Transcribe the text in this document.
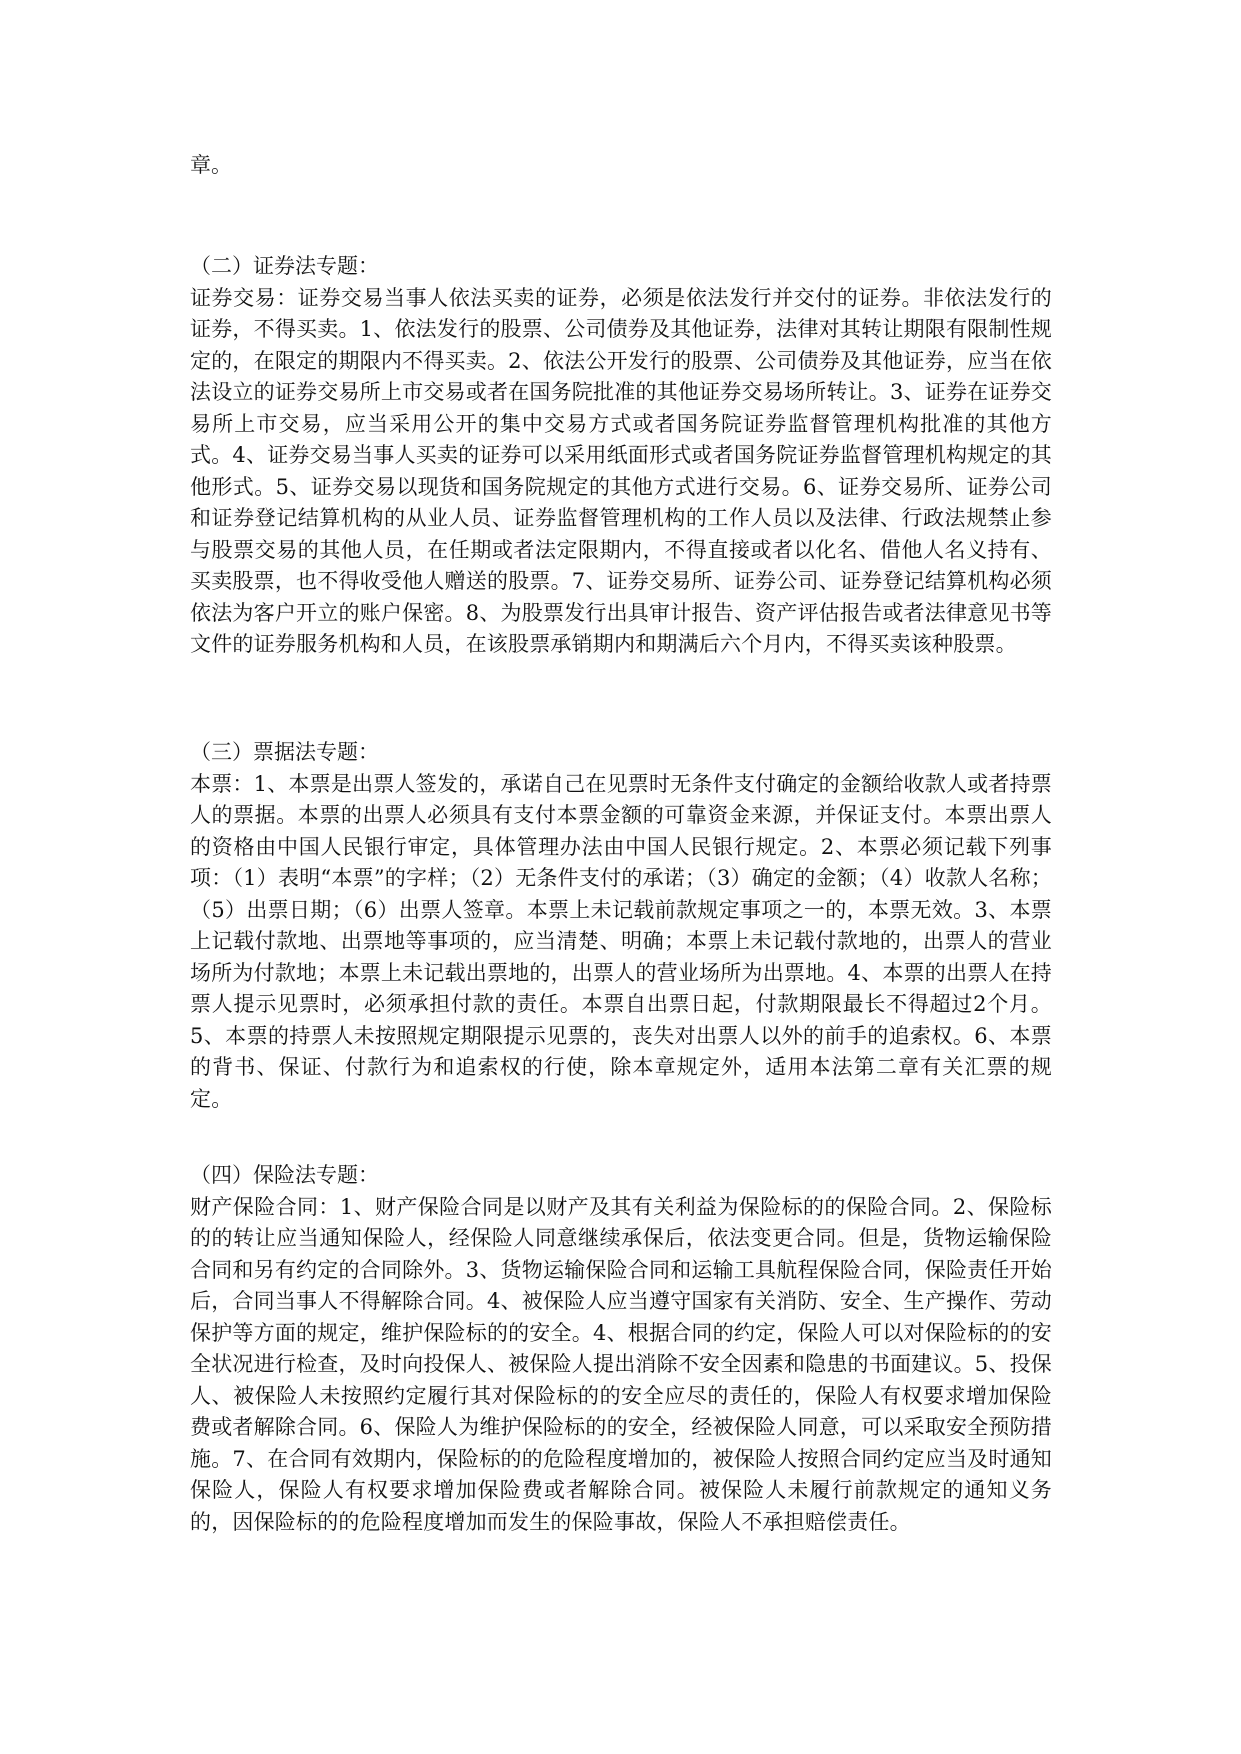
章。

（二）证券法专题：

证券交易：证券交易当事人依法买卖的证券，必须是依法发行并交付的证券。非依法发行的证券，不得买卖。1、依法发行的股票、公司债券及其他证券，法律对其转让期限有限制性规定的，在限定的期限内不得买卖。2、依法公开发行的股票、公司债券及其他证券，应当在依法设立的证券交易所上市交易或者在国务院批准的其他证券交易场所转让。3、证券在证券交易所上市交易，应当采用公开的集中交易方式或者国务院证券监督管理机构批准的其他方式。4、证券交易当事人买卖的证券可以采用纸面形式或者国务院证券监督管理机构规定的其他形式。5、证券交易以现货和国务院规定的其他方式进行交易。6、证券交易所、证券公司和证券登记结算机构的从业人员、证券监督管理机构的工作人员以及法律、行政法规禁止参与股票交易的其他人员，在任期或者法定限期内，不得直接或者以化名、借他人名义持有、买卖股票，也不得收受他人赠送的股票。7、证券交易所、证券公司、证券登记结算机构必须依法为客户开立的账户保密。8、为股票发行出具审计报告、资产评估报告或者法律意见书等文件的证券服务机构和人员，在该股票承销期内和期满后六个月内，不得买卖该种股票。

（三）票据法专题：

本票：1、本票是出票人签发的，承诺自己在见票时无条件支付确定的金额给收款人或者持票人的票据。本票的出票人必须具有支付本票金额的可靠资金来源，并保证支付。本票出票人的资格由中国人民银行审定，具体管理办法由中国人民银行规定。2、本票必须记载下列事项：（1）表明“本票”的字样；（2）无条件支付的承诺；（3）确定的金额；（4）收款人名称；（5）出票日期；（6）出票人签章。本票上未记载前款规定事项之一的，本票无效。3、本票上记载付款地、出票地等事项的，应当清楚、明确；本票上未记载付款地的，出票人的营业场所为付款地；本票上未记载出票地的，出票人的营业场所为出票地。4、本票的出票人在持票人提示见票时，必须承担付款的责任。本票自出票日起，付款期限最长不得超过2个月。5、本票的持票人未按照规定期限提示见票的，丧失对出票人以外的前手的追索权。6、本票的背书、保证、付款行为和追索权的行使，除本章规定外，适用本法第二章有关汇票的规定。

（四）保险法专题：

财产保险合同：1、财产保险合同是以财产及其有关利益为保险标的的保险合同。2、保险标的的转让应当通知保险人，经保险人同意继续承保后，依法变更合同。但是，货物运输保险合同和另有约定的合同除外。3、货物运输保险合同和运输工具航程保险合同，保险责任开始后，合同当事人不得解除合同。4、被保险人应当遵守国家有关消防、安全、生产操作、劳动保护等方面的规定，维护保险标的的安全。4、根据合同的约定，保险人可以对保险标的的安全状况进行检查，及时向投保人、被保险人提出消除不安全因素和隐患的书面建议。5、投保人、被保险人未按照约定履行其对保险标的的安全应尽的责任的，保险人有权要求增加保险费或者解除合同。6、保险人为维护保险标的的安全，经被保险人同意，可以采取安全预防措施。7、在合同有效期内，保险标的的危险程度增加的，被保险人按照合同约定应当及时通知保险人，保险人有权要求增加保险费或者解除合同。被保险人未履行前款规定的通知义务的，因保险标的的危险程度增加而发生的保险事故，保险人不承担赔偿责任。
